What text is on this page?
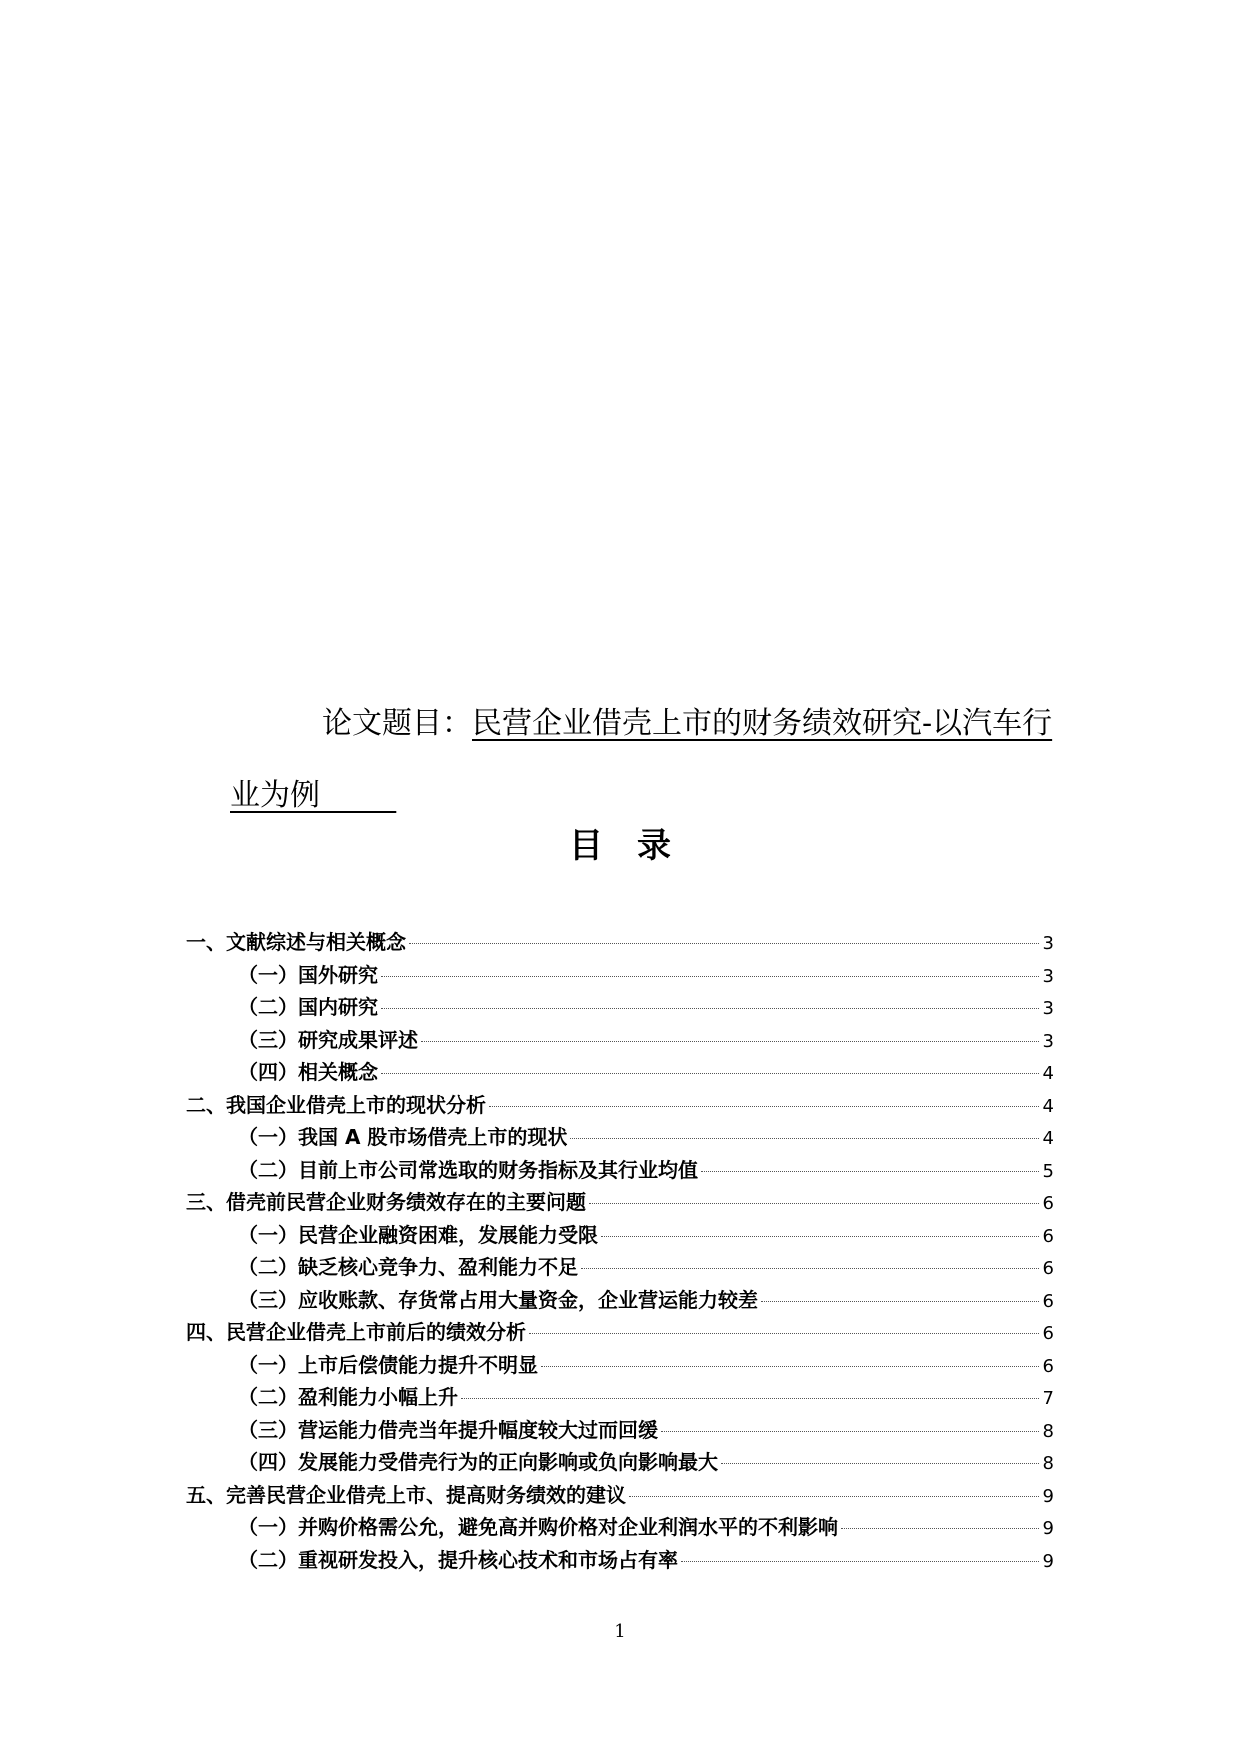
论文题目：民营企业借壳上市的财务绩效研究-以汽车行
业为例
目 录
一、文献综述与相关概念	3
（一）国外研究	3
（二）国内研究	3
（三）研究成果评述	3
（四）相关概念	4
二、我国企业借壳上市的现状分析	4
（一）我国 A 股市场借壳上市的现状	4
（二）目前上市公司常选取的财务指标及其行业均值	5
三、借壳前民营企业财务绩效存在的主要问题	6
（一）民营企业融资困难，发展能力受限	6
（二）缺乏核心竞争力、盈利能力不足	6
（三）应收账款、存货常占用大量资金，企业营运能力较差	6
四、民营企业借壳上市前后的绩效分析	6
（一）上市后偿债能力提升不明显	6
（二）盈利能力小幅上升	7
（三）营运能力借壳当年提升幅度较大过而回缓	8
（四）发展能力受借壳行为的正向影响或负向影响最大	8
五、完善民营企业借壳上市、提高财务绩效的建议	9
（一）并购价格需公允，避免高并购价格对企业利润水平的不利影响	9
（二）重视研发投入，提升核心技术和市场占有率	9
1
